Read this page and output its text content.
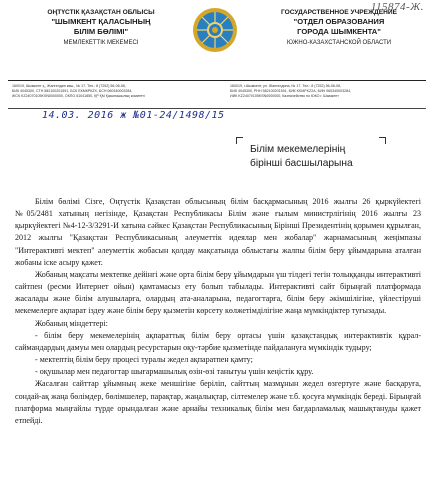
115874-Ж.
ОҢТҮСТІК ҚАЗАҚСТАН ОБЛЫСЫ
"ШЫМКЕНТ ҚАЛАСЫНЫҢ
БІЛІМ БӨЛІМІ"
МЕМЛЕКЕТТІК МЕКЕМЕСІ
ГОСУДАРСТВЕННОЕ УЧРЕЖДЕНИЕ
"ОТДЕЛ ОБРАЗОВАНИЯ
ГОРОДА ШЫМКЕНТА"
ЮЖНО-КАЗАХСТАНСКОЙ ОБЛАСТИ
160019, Шымкент қ., Жангелдин көш., № 17. Тел.: 8 (7252) 56-06-06,
БИК 4045300, СТН 582100201591, БСК ЕКМКРКZХ, БСН 060340003284,
ЖСК KZ24070105KSN0000000, ОКПО 61041850, ҚР ҚМ Қазынашылық комитеті
160019, г.Шымкент, ул. Жангелдина, № 17. Тел.: 8 (7252) 56-06-06,
БИК 4045300, РНН 582100201591, БИК KKMFKZ2A, БИН 060340003284,
ИИК KZ24070105KSN0000000, Казначейство по ЮКО г. Шымкент
14.03. 2016 ж №01-24/1498/15
Білім мекемелерінің
бірінші басшыларына

Білім бөлімі Сізге, Оңтүстік Қазақстан облысының білім басқармасының 2016 жылғы 26 қыркүйектегі №05/2481 хатының негізінде, Қазақстан Республикасы Білім және ғылым министрлігінің 2016 жылғы 23 қыркүйектегі №4-12-3/3291-И хатына сәйкес Қазақстан Республикасының Бірінші Президентінің қорымен құрылған, 2012 жылғы "Қазақстан Республикасының әлеуметтік идеялар мен жобалар" жарнамасының жеңімпазы "Интерактивті мектеп" әлеуметтік жобасын қолдау мақсатында облыстағы жалпы білім беру ұйымдарына аталған жобаны іске асыру қажет.

Жобаның мақсаты мектепке дейінгі және орта білім беру ұйымдарын үш тілдегі тегін толыққанды интерактивті сайтпен (ресми Интернет ойын) қамтамасыз ету болып табылады. Интерактивті сайт бірыңғай платформада жасалады және білім алушыларға, олардың ата-аналарына, педагогтарға, білім беру әкімшілігіне, үйлестіруші мекемелерге ақпарат іздеу және білім беру қызметін көрсету көлжетімділігіне жаңа мүмкіндіктер туғызады.

Жобаның міндеттері:

- білім беру мекемелерінің ақпараттық білім беру ортасы үшін қазақстандық интерактивтік құрал-саймандардың дамуы мен олардың ресурстарын оқу-тәрбие қызметінде пайдалануға мүмкіндік тудыру;

- мектептің білім беру процесі туралы жедел ақпаратпен қамту;

- оқушылар мен педагогтар шығармашылық өзін-өзі танытуы үшін кеңістік құру.

Жасалған сайттар ұйымның жеке меншігіне беріліп, сайттың мазмұнын жедел өзгертуге және басқаруға, сондай-ақ жаңа бөлімдер, бөлімшелер, парақтар, жаңалықтар, сілтемелер және т.б. қосуға мүмкіндік береді. Бірыңғай платформа мыңғайлы түрде орындалған және арнайы техникалық білім мен бағдарламалық машықтануды қажет етпейді.
